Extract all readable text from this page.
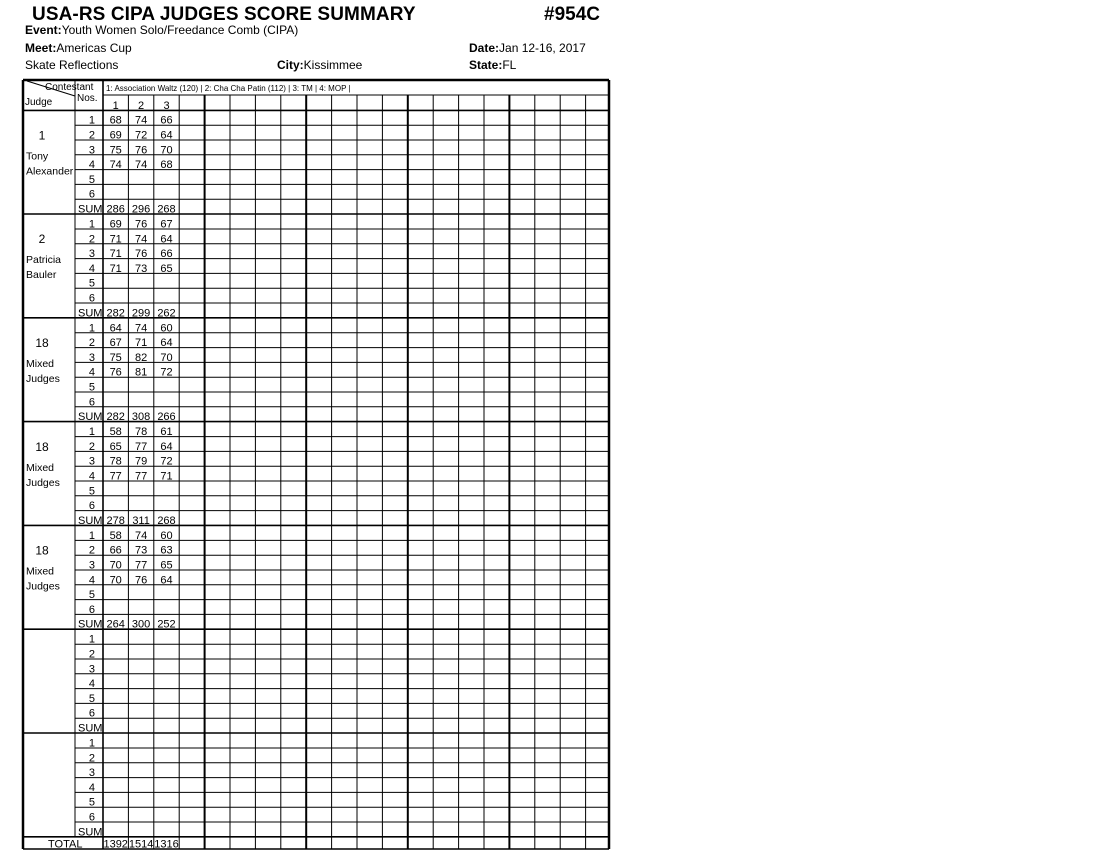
USA-RS CIPA JUDGES SCORE SUMMARY	#954C
Event:Youth Women Solo/Freedance Comb (CIPA)
Meet:Americas Cup	Date:Jan 12-16, 2017
Skate Reflections	City:Kissimmee	State:FL
Contestant
Nos.
Judge
1: Association Waltz (120) | 2: Cha Cha Patin (112) | 3: TM | 4: MOP |
1 2 3
1
Tony
Alexander
1 68 74 66
2 69 72 64
3 75 76 70
4 74 74 68
5
6
SUM 286 296 268
2
Patricia
Bauler
1 69 76 67
2 71 74 64
3 71 76 66
4 71 73 65
5
6
SUM 282 299 262
18
Mixed
Judges
1 64 74 60
2 67 71 64
3 75 82 70
4 76 81 72
5
6
SUM 282 308 266
18
Mixed
Judges
1 58 78 61
2 65 77 64
3 78 79 72
4 77 77 71
5
6
SUM 278 311 268
18
Mixed
Judges
1 58 74 60
2 66 73 63
3 70 77 65
4 70 76 64
5
6
SUM 264 300 252
1
2
3
4
5
6
SUM
1
2
3
4
5
6
SUM
TOTAL 1392 1514 1316
